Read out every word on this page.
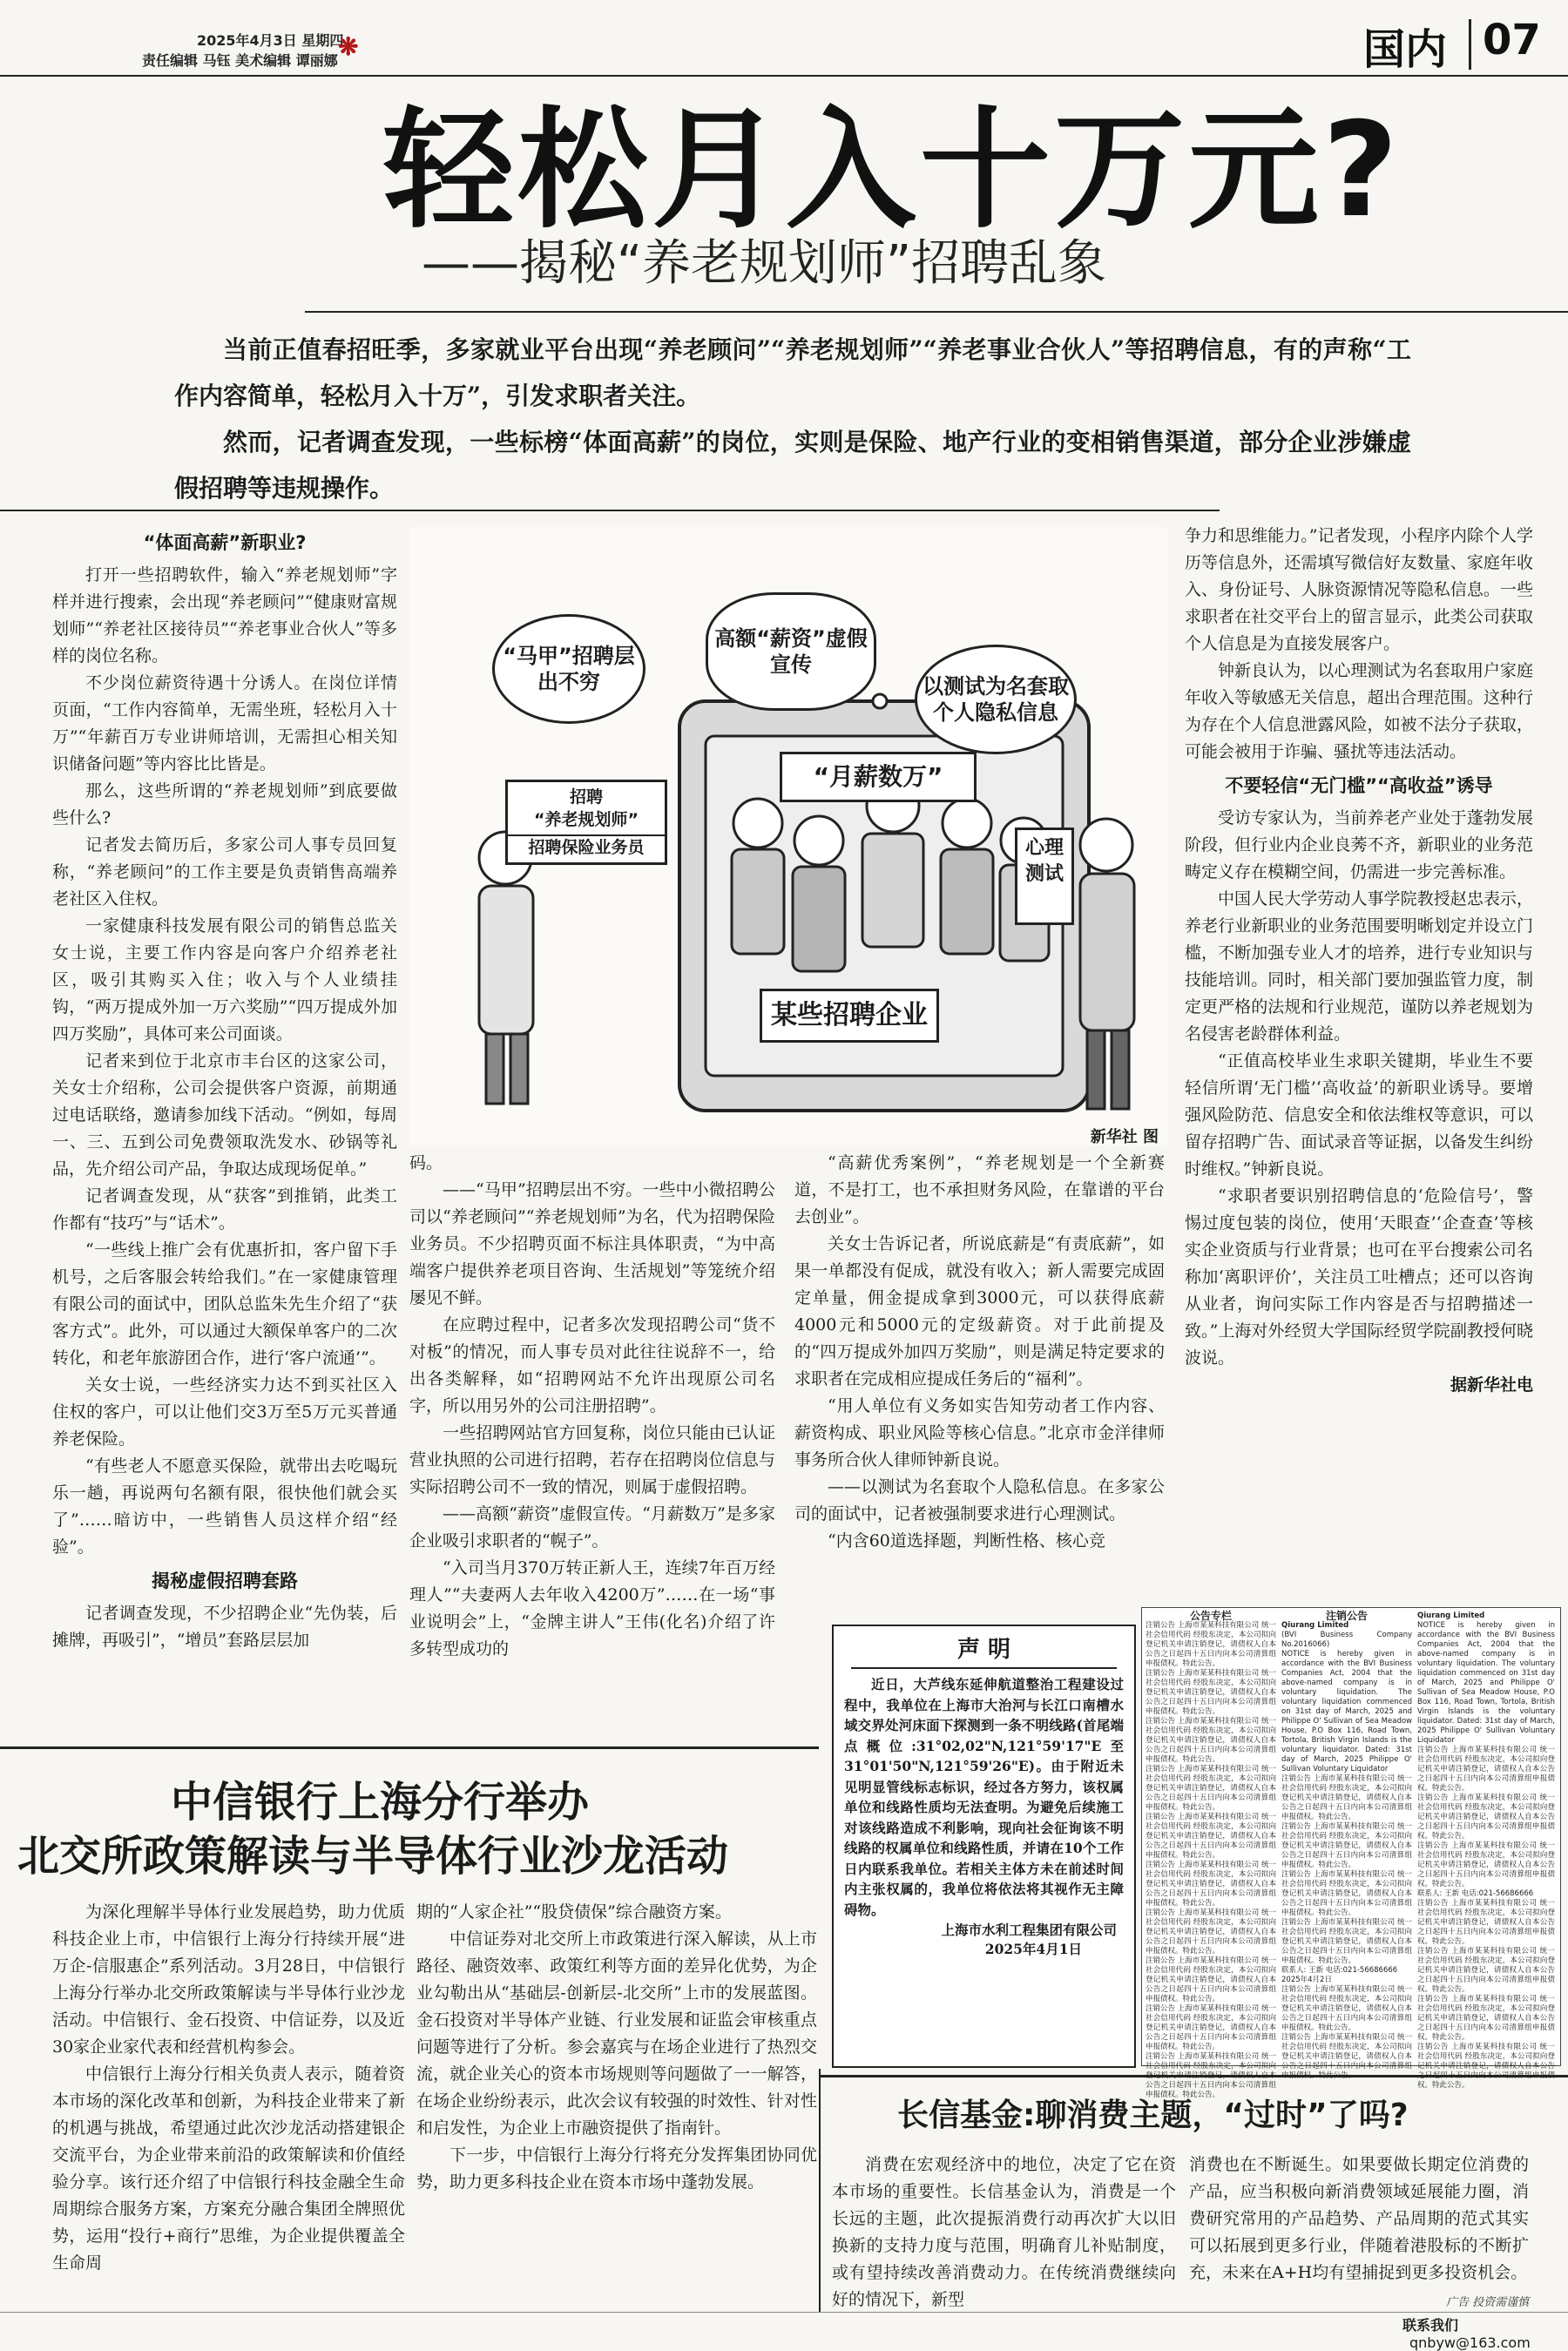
2025年4月3日 星期四
责任编辑 马钰 美术编辑 谭丽娜 ❋	国内 07
轻松月入十万元?
——揭秘“养老规划师”招聘乱象

当前正值春招旺季，多家就业平台出现“养老顾问”“养老规划师”“养老事业合伙人”等招聘信息，有的声称“工作内容简单，轻松月入十万”，引发求职者关注。

然而，记者调查发现，一些标榜“体面高薪”的岗位，实则是保险、地产行业的变相销售渠道，部分企业涉嫌虚假招聘等违规操作。

“马甲”招聘层出不穷
高额“薪资”虚假宣传
以测试为名套取个人隐私信息
“月薪数万”
招聘
“养老规划师”
招聘保险业务员	心理测试
某些招聘企业
新华社 图
“体面高薪”新职业?

打开一些招聘软件，输入“养老规划师”字样并进行搜索，会出现“养老顾问”“健康财富规划师”“养老社区接待员”“养老事业合伙人”等多样的岗位名称。

不少岗位薪资待遇十分诱人。在岗位详情页面，“工作内容简单，无需坐班，轻松月入十万”“年薪百万专业讲师培训，无需担心相关知识储备问题”等内容比比皆是。

那么，这些所谓的“养老规划师”到底要做些什么?

记者发去简历后，多家公司人事专员回复称，“养老顾问”的工作主要是负责销售高端养老社区入住权。

一家健康科技发展有限公司的销售总监关女士说，主要工作内容是向客户介绍养老社区，吸引其购买入住；收入与个人业绩挂钩，“两万提成外加一万六奖励”“四万提成外加四万奖励”，具体可来公司面谈。

记者来到位于北京市丰台区的这家公司，关女士介绍称，公司会提供客户资源，前期通过电话联络，邀请参加线下活动。“例如，每周一、三、五到公司免费领取洗发水、砂锅等礼品，先介绍公司产品，争取达成现场促单。”

记者调查发现，从“获客”到推销，此类工作都有“技巧”与“话术”。

“一些线上推广会有优惠折扣，客户留下手机号，之后客服会转给我们。”在一家健康管理有限公司的面试中，团队总监朱先生介绍了“获客方式”。此外，可以通过大额保单客户的二次转化，和老年旅游团合作，进行‘客户流通’”。

关女士说，一些经济实力达不到买社区入住权的客户，可以让他们交3万至5万元买普通养老保险。

“有些老人不愿意买保险，就带出去吃喝玩乐一趟，再说两句名额有限，很快他们就会买了”……暗访中，一些销售人员这样介绍“经验”。

揭秘虚假招聘套路

记者调查发现，不少招聘企业“先伪装，后摊牌，再吸引”，“增员”套路层层加

码。

——“马甲”招聘层出不穷。一些中小微招聘公司以“养老顾问”“养老规划师”为名，代为招聘保险业务员。不少招聘页面不标注具体职责，“为中高端客户提供养老项目咨询、生活规划”等笼统介绍屡见不鲜。

在应聘过程中，记者多次发现招聘公司“货不对板”的情况，而人事专员对此往往说辞不一，给出各类解释，如“招聘网站不允许出现原公司名字，所以用另外的公司注册招聘”。

一些招聘网站官方回复称，岗位只能由已认证营业执照的公司进行招聘，若存在招聘岗位信息与实际招聘公司不一致的情况，则属于虚假招聘。

——高额“薪资”虚假宣传。“月薪数万”是多家企业吸引求职者的“幌子”。

“入司当月370万转正新人王，连续7年百万经理人”“夫妻两人去年收入4200万”……在一场“事业说明会”上，“金牌主讲人”王伟(化名)介绍了许多转型成功的

“高薪优秀案例”，“养老规划是一个全新赛道，不是打工，也不承担财务风险，在靠谱的平台去创业”。

关女士告诉记者，所说底薪是“有责底薪”，如果一单都没有促成，就没有收入；新人需要完成固定单量，佣金提成拿到3000元，可以获得底薪4000元和5000元的定级薪资。对于此前提及的“四万提成外加四万奖励”，则是满足特定要求的求职者在完成相应提成任务后的“福利”。

“用人单位有义务如实告知劳动者工作内容、薪资构成、职业风险等核心信息。”北京市金洋律师事务所合伙人律师钟新良说。

——以测试为名套取个人隐私信息。在多家公司的面试中，记者被强制要求进行心理测试。

“内含60道选择题，判断性格、核心竞

争力和思维能力。”记者发现，小程序内除个人学历等信息外，还需填写微信好友数量、家庭年收入、身份证号、人脉资源情况等隐私信息。一些求职者在社交平台上的留言显示，此类公司获取个人信息是为直接发展客户。

钟新良认为，以心理测试为名套取用户家庭年收入等敏感无关信息，超出合理范围。这种行为存在个人信息泄露风险，如被不法分子获取，可能会被用于诈骗、骚扰等违法活动。

不要轻信“无门槛”“高收益”诱导

受访专家认为，当前养老产业处于蓬勃发展阶段，但行业内企业良莠不齐，新职业的业务范畴定义存在模糊空间，仍需进一步完善标准。

中国人民大学劳动人事学院教授赵忠表示，养老行业新职业的业务范围要明晰划定并设立门槛，不断加强专业人才的培养，进行专业知识与技能培训。同时，相关部门要加强监管力度，制定更严格的法规和行业规范，谨防以养老规划为名侵害老龄群体利益。

“正值高校毕业生求职关键期，毕业生不要轻信所谓‘无门槛’‘高收益’的新职业诱导。要增强风险防范、信息安全和依法维权等意识，可以留存招聘广告、面试录音等证据，以备发生纠纷时维权。”钟新良说。

“求职者要识别招聘信息的‘危险信号’，警惕过度包装的岗位，使用‘天眼查’‘企查查’等核实企业资质与行业背景；也可在平台搜索公司名称加‘离职评价’，关注员工吐槽点；还可以咨询从业者，询问实际工作内容是否与招聘描述一致。”上海对外经贸大学国际经贸学院副教授何晓波说。

据新华社电
声 明
近日，大芦线东延伸航道整治工程建设过程中，我单位在上海市大治河与长江口南槽水域交界处河床面下探测到一条不明线路(首尾端点概位:31°02,02"N,121°59'17"E至31°01'50"N,121°59'26"E)。由于附近未见明显管线标志标识，经过各方努力，该权属单位和线路性质均无法查明。为避免后续施工对该线路造成不利影响，现向社会征询该不明线路的权属单位和线路性质，并请在10个工作日内联系我单位。若相关主体方未在前述时间内主张权属的，我单位将依法将其视作无主障碍物。
上海市水利工程集团有限公司
2025年4月1日
公告专栏
注销公告 上海市某某科技有限公司 统一社会信用代码 经股东决定，本公司拟向登记机关申请注销登记，请债权人自本公告之日起四十五日内向本公司清算组申报债权。特此公告。
注销公告 上海市某某科技有限公司 统一社会信用代码 经股东决定，本公司拟向登记机关申请注销登记，请债权人自本公告之日起四十五日内向本公司清算组申报债权。特此公告。
注销公告 上海市某某科技有限公司 统一社会信用代码 经股东决定，本公司拟向登记机关申请注销登记，请债权人自本公告之日起四十五日内向本公司清算组申报债权。特此公告。
注销公告 上海市某某科技有限公司 统一社会信用代码 经股东决定，本公司拟向登记机关申请注销登记，请债权人自本公告之日起四十五日内向本公司清算组申报债权。特此公告。
注销公告 上海市某某科技有限公司 统一社会信用代码 经股东决定，本公司拟向登记机关申请注销登记，请债权人自本公告之日起四十五日内向本公司清算组申报债权。特此公告。
注销公告 上海市某某科技有限公司 统一社会信用代码 经股东决定，本公司拟向登记机关申请注销登记，请债权人自本公告之日起四十五日内向本公司清算组申报债权。特此公告。
注销公告 上海市某某科技有限公司 统一社会信用代码 经股东决定，本公司拟向登记机关申请注销登记，请债权人自本公告之日起四十五日内向本公司清算组申报债权。特此公告。
注销公告 上海市某某科技有限公司 统一社会信用代码 经股东决定，本公司拟向登记机关申请注销登记，请债权人自本公告之日起四十五日内向本公司清算组申报债权。特此公告。
注销公告 上海市某某科技有限公司 统一社会信用代码 经股东决定，本公司拟向登记机关申请注销登记，请债权人自本公告之日起四十五日内向本公司清算组申报债权。特此公告。
注销公告 上海市某某科技有限公司 统一社会信用代码 经股东决定，本公司拟向 公告之日起四十五日内向本公司清算组申报债权。特此公告。
注销公告
Qiurang Limited
(BVI Business Company No.2016066)
NOTICE is hereby given in accordance with the BVI Business Companies Act, 2004 that the above-named company is in voluntary liquidation. The voluntary liquidation commenced on 31st day of March, 2025 and Philippe O' Sullivan of Sea Meadow House, P.O Box 116, Road Town, Tortola, British Virgin Islands is the voluntary liquidator. Dated: 31st day of March, 2025 Philippe O' Sullivan Voluntary Liquidator
注销公告 上海市某某科技有限公司 统一社会信用代码 经股东决定，本公司拟向登记机关申请注销登记，请债权人自本公告之日起四十五日内向本公司清算组申报债权。特此公告。
注销公告 上海市某某科技有限公司 统一社会信用代码 经股东决定，本公司拟向登记机关申请注销登记，请债权人自本公告之日起四十五日内向本公司清算组申报债权。特此公告。
注销公告 上海市某某科技有限公司 统一社会信用代码 经股东决定，本公司拟向登记机关申请注销登记，请债权人自本公告之日起四十五日内向本公司清算组申报债权。特此公告。
注销公告 上海市某某科技有限公司 统一社会信用代码 经股东决定，本公司拟向登记机关申请注销登记，请债权人自本公告之日起四十五日内向本公司清算组申报债权。特此公告。
联系人: 王新 电话:021-56686666
2025年4月2日
注销公告 上海市某某科技有限公司 统一社会信用代码 经股东决定，本公司拟向登记机关申请注销登记，请债权人自本公告之日起四十五日内向本公司清算组申报债权。特此公告。
注销公告 上海市某某科技有限公司 统一社会信用代码 经股东决定，本公司拟向登记机关申请注销登记，请债权人自本公告之日起四十五日内向本公司清算组
Qiurang Limited
NOTICE is hereby given in accordance with the BVI Business Companies Act, 2004 that the above-named company is in voluntary liquidation. The voluntary liquidation commenced on 31st day of March, 2025 and Philippe O' Sullivan of Sea Meadow House, P.O Box 116, Road Town, Tortola, British Virgin Islands is the voluntary liquidator. Dated: 31st day of March, 2025 Philippe O' Sullivan Voluntary Liquidator
注销公告 上海市某某科技有限公司 统一社会信用代码 经股东决定，本公司拟向登记机关申请注销登记，请债权人自本公告之日起四十五日内向本公司清算组申报债权。特此公告。
注销公告 上海市某某科技有限公司 统一社会信用代码 经股东决定，本公司拟向登记机关申请注销登记，请债权人自本公告之日起四十五日内向本公司清算组申报债权。特此公告。
注销公告 上海市某某科技有限公司 统一社会信用代码 经股东决定，本公司拟向登记机关申请注销登记，请债权人自本公告之日起四十五日内向本公司清算组申报债权。特此公告。
联系人: 王新 电话:021-56686666
注销公告 上海市某某科技有限公司 统一社会信用代码 经股东决定，本公司拟向登记机关申请注销登记，请债权人自本公告之日起四十五日内向本公司清算组申报债权。特此公告。
注销公告 上海市某某科技有限公司 统一社会信用代码 经股东决定，本公司拟向登记机关申请注销登记，请债权人自本公告之日起四十五日内向本公司清算组申报债权。特此公告。
注销公告 上海市某某科技有限公司 统一社会信用代码 经股东决定，本公司拟向登记机关申请注销登记，请债权人自本公告之日起四十五日内向本公司清算组申报债权。特此公告。
注销公告 上海市某某科技有限公司 统一社会信用代码 经股东决定，本公司拟向登记机关申请注销登记，请债权人自本公告 权。特此公告。
中信银行上海分行举办
北交所政策解读与半导体行业沙龙活动

为深化理解半导体行业发展趋势，助力优质科技企业上市，中信银行上海分行持续开展“进万企-信服惠企”系列活动。3月28日，中信银行上海分行举办北交所政策解读与半导体行业沙龙活动。中信银行、金石投资、中信证券，以及近30家企业家代表和经营机构参会。

中信银行上海分行相关负责人表示，随着资本市场的深化改革和创新，为科技企业带来了新的机遇与挑战，希望通过此次沙龙活动搭建银企交流平台，为企业带来前沿的政策解读和价值经验分享。该行还介绍了中信银行科技金融全生命周期综合服务方案，方案充分融合集团全牌照优势，运用“投行+商行”思维，为企业提供覆盖全生命周

期的“人家企社”“股贷债保”综合融资方案。

中信证券对北交所上市政策进行深入解读，从上市路径、融资效率、政策红利等方面的差异化优势，为企业勾勒出从“基础层-创新层-北交所”上市的发展蓝图。金石投资对半导体产业链、行业发展和证监会审核重点问题等进行了分析。参会嘉宾与在场企业进行了热烈交流，就企业关心的资本市场规则等问题做了一一解答，在场企业纷纷表示，此次会议有较强的时效性、针对性和启发性，为企业上市融资提供了指南针。

下一步，中信银行上海分行将充分发挥集团协同优势，助力更多科技企业在资本市场中蓬勃发展。

长信基金:聊消费主题，“过时”了吗?

消费在宏观经济中的地位，决定了它在资本市场的重要性。长信基金认为，消费是一个长远的主题，此次提振消费行动再次扩大以旧换新的支持力度与范围，明确育儿补贴制度，或有望持续改善消费动力。在传统消费继续向好的情况下，新型

消费也在不断诞生。如果要做长期定位消费的产品，应当积极向新消费领域延展能力圈，消费研究常用的产品趋势、产品周期的范式其实可以拓展到更多行业，伴随着港股标的不断扩充，未来在A+H均有望捕捉到更多投资机会。

广告 投资需谨慎
联系我们 qnbyw@163.com
